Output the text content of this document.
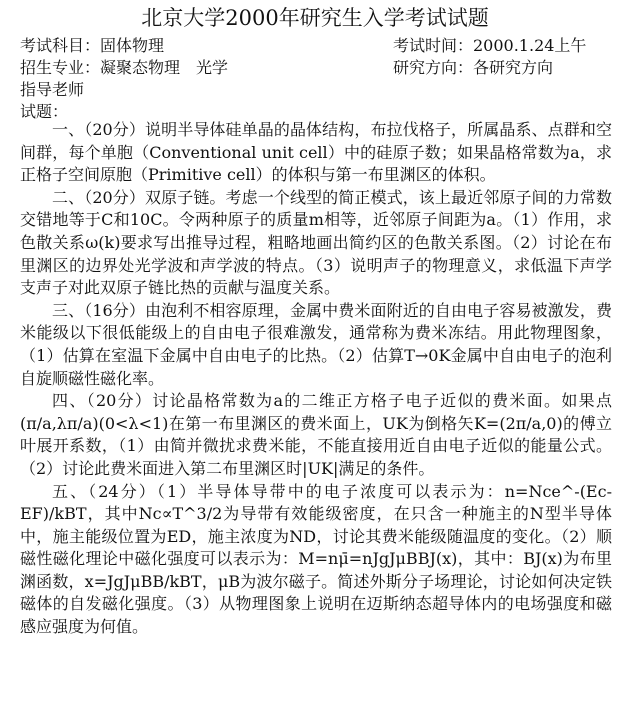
北京大学2000年研究生入学考试试题
考试科目：固体物理	考试时间：2000.1.24上午
招生专业：凝聚态物理　光学	研究方向：各研究方向
指导老师
试题：

一、（20分）说明半导体硅单晶的晶体结构，布拉伐格子，所属晶系、点群和空间群，每个单胞（Conventional unit cell）中的硅原子数；如果晶格常数为a，求正格子空间原胞（Primitive cell）的体积与第一布里渊区的体积。

二、（20分）双原子链。考虑一个线型的简正模式，该上最近邻原子间的力常数交错地等于C和10C。令两种原子的质量m相等，近邻原子间距为a。（1）作用，求色散关系ω(k)要求写出推导过程，粗略地画出简约区的色散关系图。（2）讨论在布里渊区的边界处光学波和声学波的特点。（3）说明声子的物理意义，求低温下声学支声子对此双原子链比热的贡献与温度关系。

三、（16分）由泡利不相容原理，金属中费米面附近的自由电子容易被激发，费米能级以下很低能级上的自由电子很难激发，通常称为费米冻结。用此物理图象，（1）估算在室温下金属中自由电子的比热。（2）估算T→0K金属中自由电子的泡利自旋顺磁性磁化率。

四、（20分）讨论晶格常数为a的二维正方格子电子近似的费米面。如果点(π/a,λπ/a)(0<λ<1)在第一布里渊区的费米面上，UK为倒格矢K=(2π/a,0)的傅立叶展开系数，（1）由简并微扰求费米能，不能直接用近自由电子近似的能量公式。（2）讨论此费米面进入第二布里渊区时|UK|满足的条件。

五、（24分）（1）半导体导带中的电子浓度可以表示为：n=Nce^-(Ec-EF)/kBT，其中Nc∝T^3/2为导带有效能级密度，在只含一种施主的N型半导体中，施主能级位置为ED，施主浓度为ND，讨论其费米能级随温度的变化。（2）顺磁性磁化理论中磁化强度可以表示为：M=nμ̄=nJgJμBBJ(x)，其中：BJ(x)为布里渊函数，x=JgJμBB/kBT，μB为波尔磁子。简述外斯分子场理论，讨论如何决定铁磁体的自发磁化强度。（3）从物理图象上说明在迈斯纳态超导体内的电场强度和磁感应强度为何值。
